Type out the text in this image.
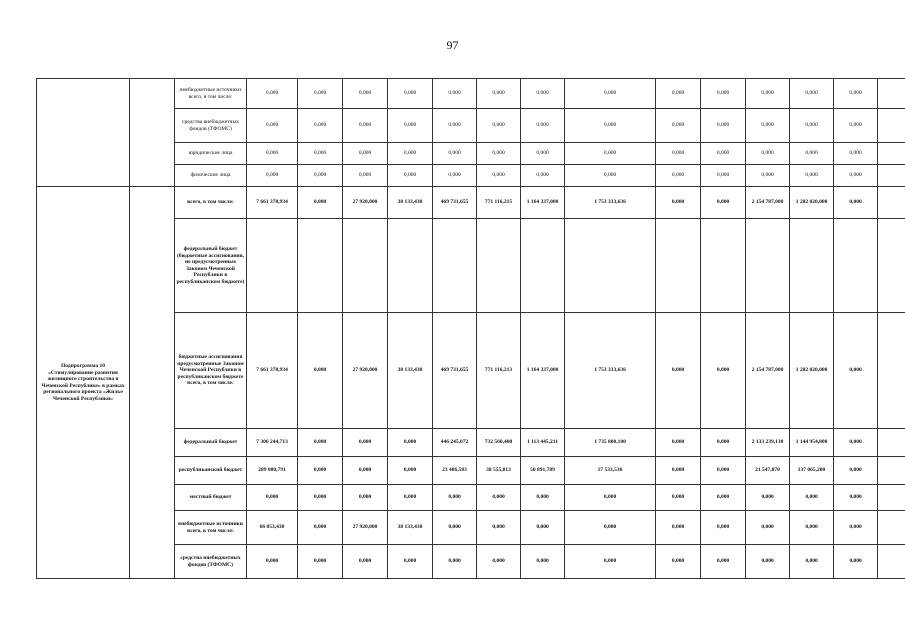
97
		внебюджетные источники всего, в том числе:	0,000	0,000	0,000	0,000	0,000	0,000	0,000	0,000	0,000	0,000	0,000	0,000	0,000	
		средства внебюджетных фондов (ТФОМС)	0,000	0,000	0,000	0,000	0,000	0,000	0,000	0,000	0,000	0,000	0,000	0,000	0,000	
		юридические лица	0,000	0,000	0,000	0,000	0,000	0,000	0,000	0,000	0,000	0,000	0,000	0,000	0,000	
		физические лица	0,000	0,000	0,000	0,000	0,000	0,000	0,000	0,000	0,000	0,000	0,000	0,000	0,000	
Подпрограмма 10 «Стимулирование развития жилищного строительства в Чеченской Республике» в рамках регионального проекта «Жилье Чеченской Республики»		всего, в том числе:	7 661 378,934	0,000	27 920,000	38 133,430	469 731,655	771 116,215	1 164 337,000	1 753 333,636	0,000	0,000	2 154 787,000	1 282 020,000	0,000	
		федеральный бюджет (бюджетные ассигнования, не предусмотренные Законом Чеченской Республики в республиканском бюджете)														
		бюджетные ассигнования предусмотренные Законом Чеченской Республики в республиканском бюджете всего, в том числе:	7 661 378,934	0,000	27 920,000	38 133,430	469 731,655	771 116,213	1 164 337,000	1 753 333,636	0,000	0,000	2 154 787,000	1 282 020,000	0,000	
		федеральный бюджет	7 306 244,713	0,000	0,000	0,000	446 245,072	732 560,400	1 113 445,211	1 735 800,100	0,000	0,000	2 133 239,130	1 144 954,800	0,000	
		республиканский бюджет	289 080,791	0,000	0,000	0,000	23 486,583	38 555,813	50 891,789	17 533,536	0,000	0,000	21 547,870	137 065,200	0,000	
		местный бюджет	0,000	0,000	0,000	0,000	0,000	0,000	0,000	0,000	0,000	0,000	0,000	0,000	0,000	
		внебюджетные источники всего, в том числе:	66 053,430	0,000	27 920,000	38 133,430	0,000	0,000	0,000	0,000	0,000	0,000	0,000	0,000	0,000	
		средства внебюджетных фондов (ТФОМС)	0,000	0,000	0,000	0,000	0,000	0,000	0,000	0,000	0,000	0,000	0,000	0,000	0,000	
